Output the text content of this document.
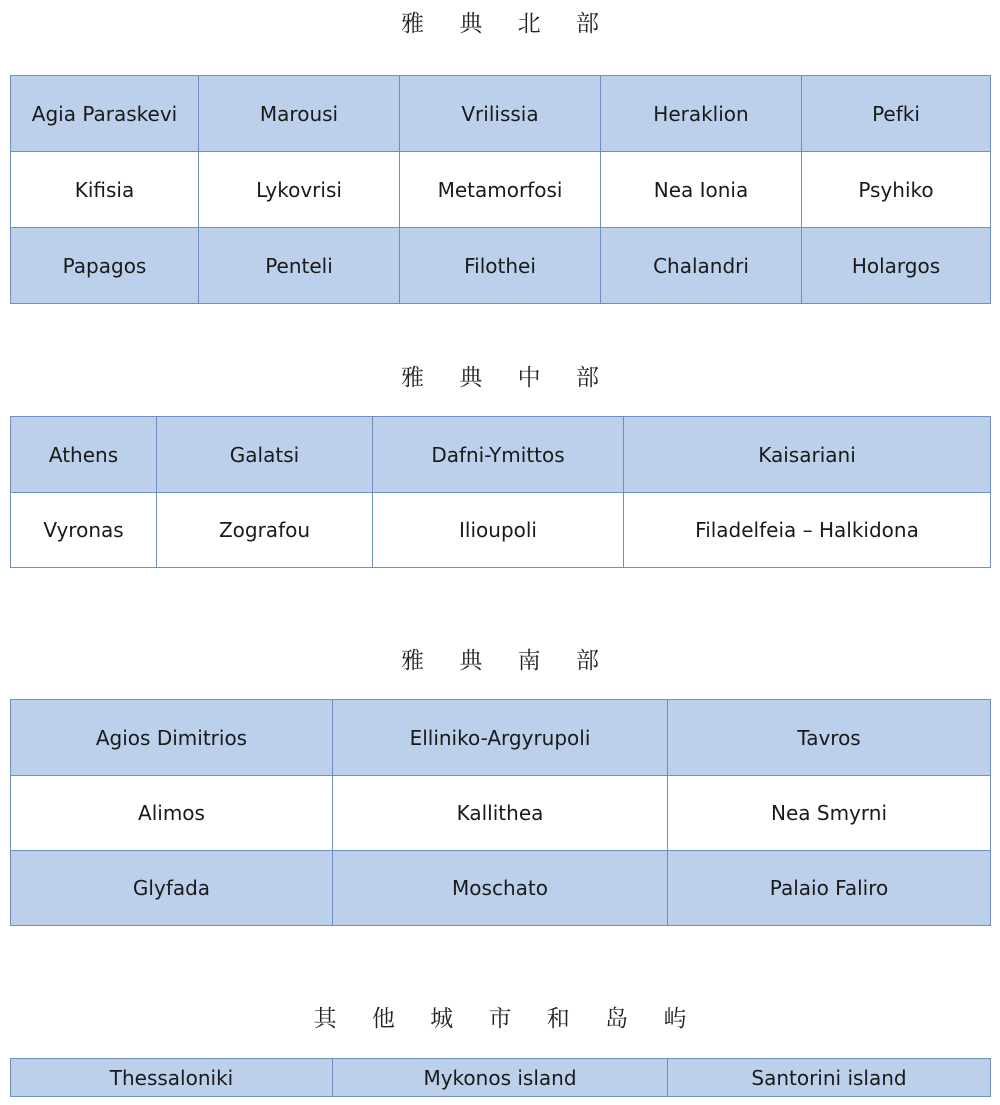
雅 典 北 部
Agia Paraskevi	Marousi	Vrilissia	Heraklion	Pefki
Kifisia	Lykovrisi	Metamorfosi	Nea Ionia	Psyhiko
Papagos	Penteli	Filothei	Chalandri	Holargos
雅 典 中 部
Athens	Galatsi	Dafni-Ymittos	Kaisariani
Vyronas	Zografou	Ilioupoli	Filadelfeia – Halkidona
雅 典 南 部
Agios Dimitrios	Elliniko-Argyrupoli	Tavros
Alimos	Kallithea	Nea Smyrni
Glyfada	Moschato	Palaio Faliro
其 他 城 市 和 岛 屿
Thessaloniki	Mykonos island	Santorini island
